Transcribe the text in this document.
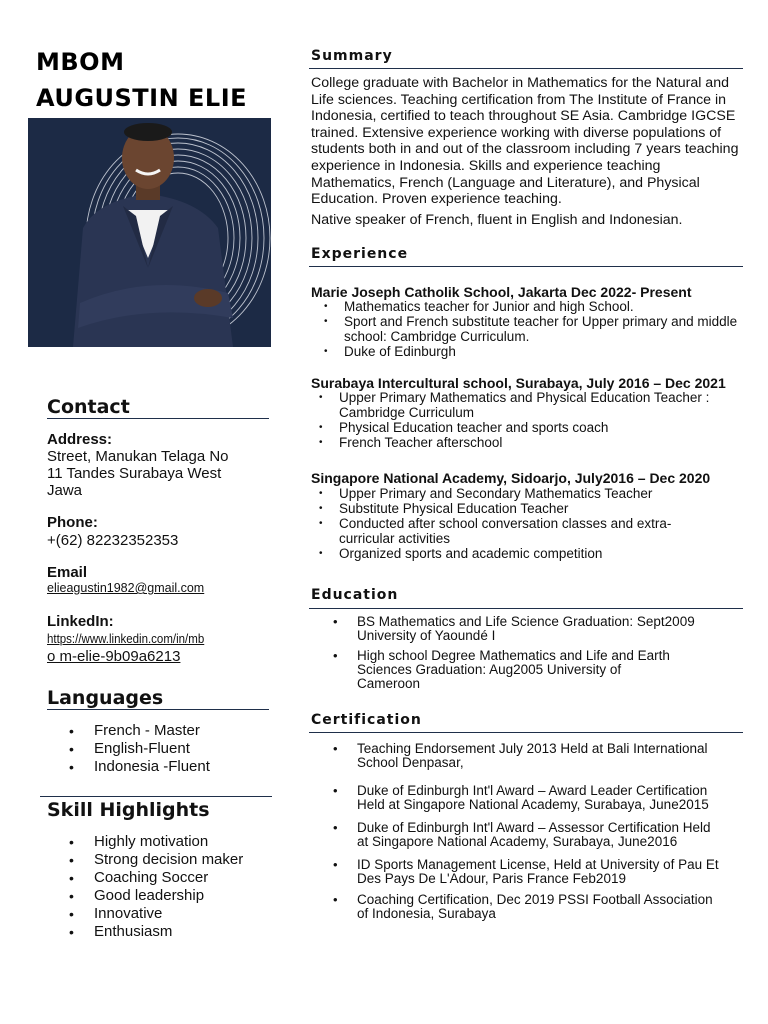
MBOM
AUGUSTIN ELIE
Contact
Address:
Street, Manukan Telaga No
11 Tandes Surabaya West
Jawa
Phone:
+(62) 82232352353
Email
elieagustin1982@gmail.com
LinkedIn:
https://www.linkedin.com/in/mb
o m-elie-9b09a6213
Languages
• French - Master
• English-Fluent
• Indonesia -Fluent
Skill Highlights
• Highly motivation
• Strong decision maker
• Coaching Soccer
• Good leadership
• Innovative
• Enthusiasm
Summary
College graduate with Bachelor in Mathematics for the Natural and Life sciences. Teaching certification from The Institute of France in Indonesia, certified to teach throughout SE Asia. Cambridge IGCSE trained. Extensive experience working with diverse populations of students both in and out of the classroom including 7 years teaching experience in Indonesia. Skills and experience teaching Mathematics, French (Language and Literature), and Physical Education. Proven experience teaching.
Native speaker of French, fluent in English and Indonesian.
Experience
Marie Joseph Catholik School, Jakarta Dec 2022- Present
• Mathematics teacher for Junior and high School.
• Sport and French substitute teacher for Upper primary and middle school: Cambridge Curriculum.
• Duke of Edinburgh
Surabaya Intercultural school, Surabaya, July 2016 – Dec 2021
• Upper Primary Mathematics and Physical Education Teacher : Cambridge Curriculum
• Physical Education teacher and sports coach
• French Teacher afterschool
Singapore National Academy, Sidoarjo, July2016 – Dec 2020
• Upper Primary and Secondary Mathematics Teacher
• Substitute Physical Education Teacher
• Conducted after school conversation classes and extra-curricular activities
• Organized sports and academic competition
Education
• BS Mathematics and Life Science Graduation: Sept2009
University of Yaoundé I
• High school Degree Mathematics and Life and Earth
Sciences Graduation: Aug2005 University of
Cameroon
Certification
• Teaching Endorsement July 2013 Held at Bali International
School Denpasar,
• Duke of Edinburgh Int'l Award – Award Leader Certification
Held at Singapore National Academy, Surabaya, June2015
• Duke of Edinburgh Int'l Award – Assessor Certification Held
at Singapore National Academy, Surabaya, June2016
• ID Sports Management License, Held at University of Pau Et
Des Pays De L'Adour, Paris France Feb2019
• Coaching Certification, Dec 2019 PSSI Football Association
of Indonesia, Surabaya
